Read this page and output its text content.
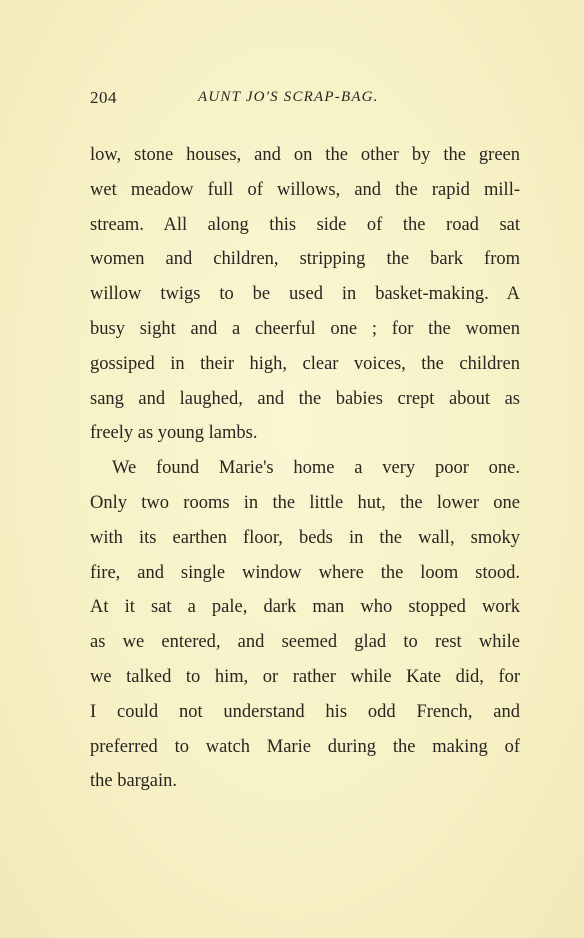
204	AUNT JO'S SCRAP-BAG.
low, stone houses, and on the other by the green
wet meadow full of willows, and the rapid mill-
stream. All along this side of the road sat
women and children, stripping the bark from
willow twigs to be used in basket-making. A
busy sight and a cheerful one ; for the women
gossiped in their high, clear voices, the children
sang and laughed, and the babies crept about as
freely as young lambs.
We found Marie's home a very poor one.
Only two rooms in the little hut, the lower one
with its earthen floor, beds in the wall, smoky
fire, and single window where the loom stood.
At it sat a pale, dark man who stopped work
as we entered, and seemed glad to rest while
we talked to him, or rather while Kate did, for
I could not understand his odd French, and
preferred to watch Marie during the making of
the bargain.
